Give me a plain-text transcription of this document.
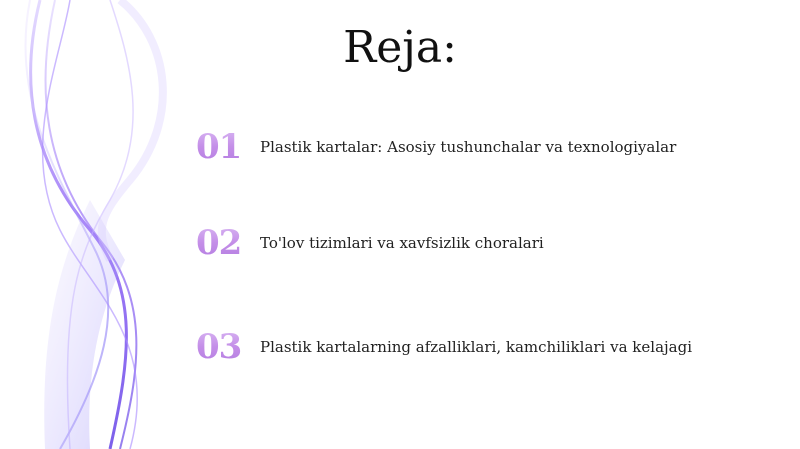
Reja:
01	Plastik kartalar: Asosiy tushunchalar va texnologiyalar
02	To'lov tizimlari va xavfsizlik choralari
03	Plastik kartalarning afzalliklari, kamchiliklari va kelajagi
